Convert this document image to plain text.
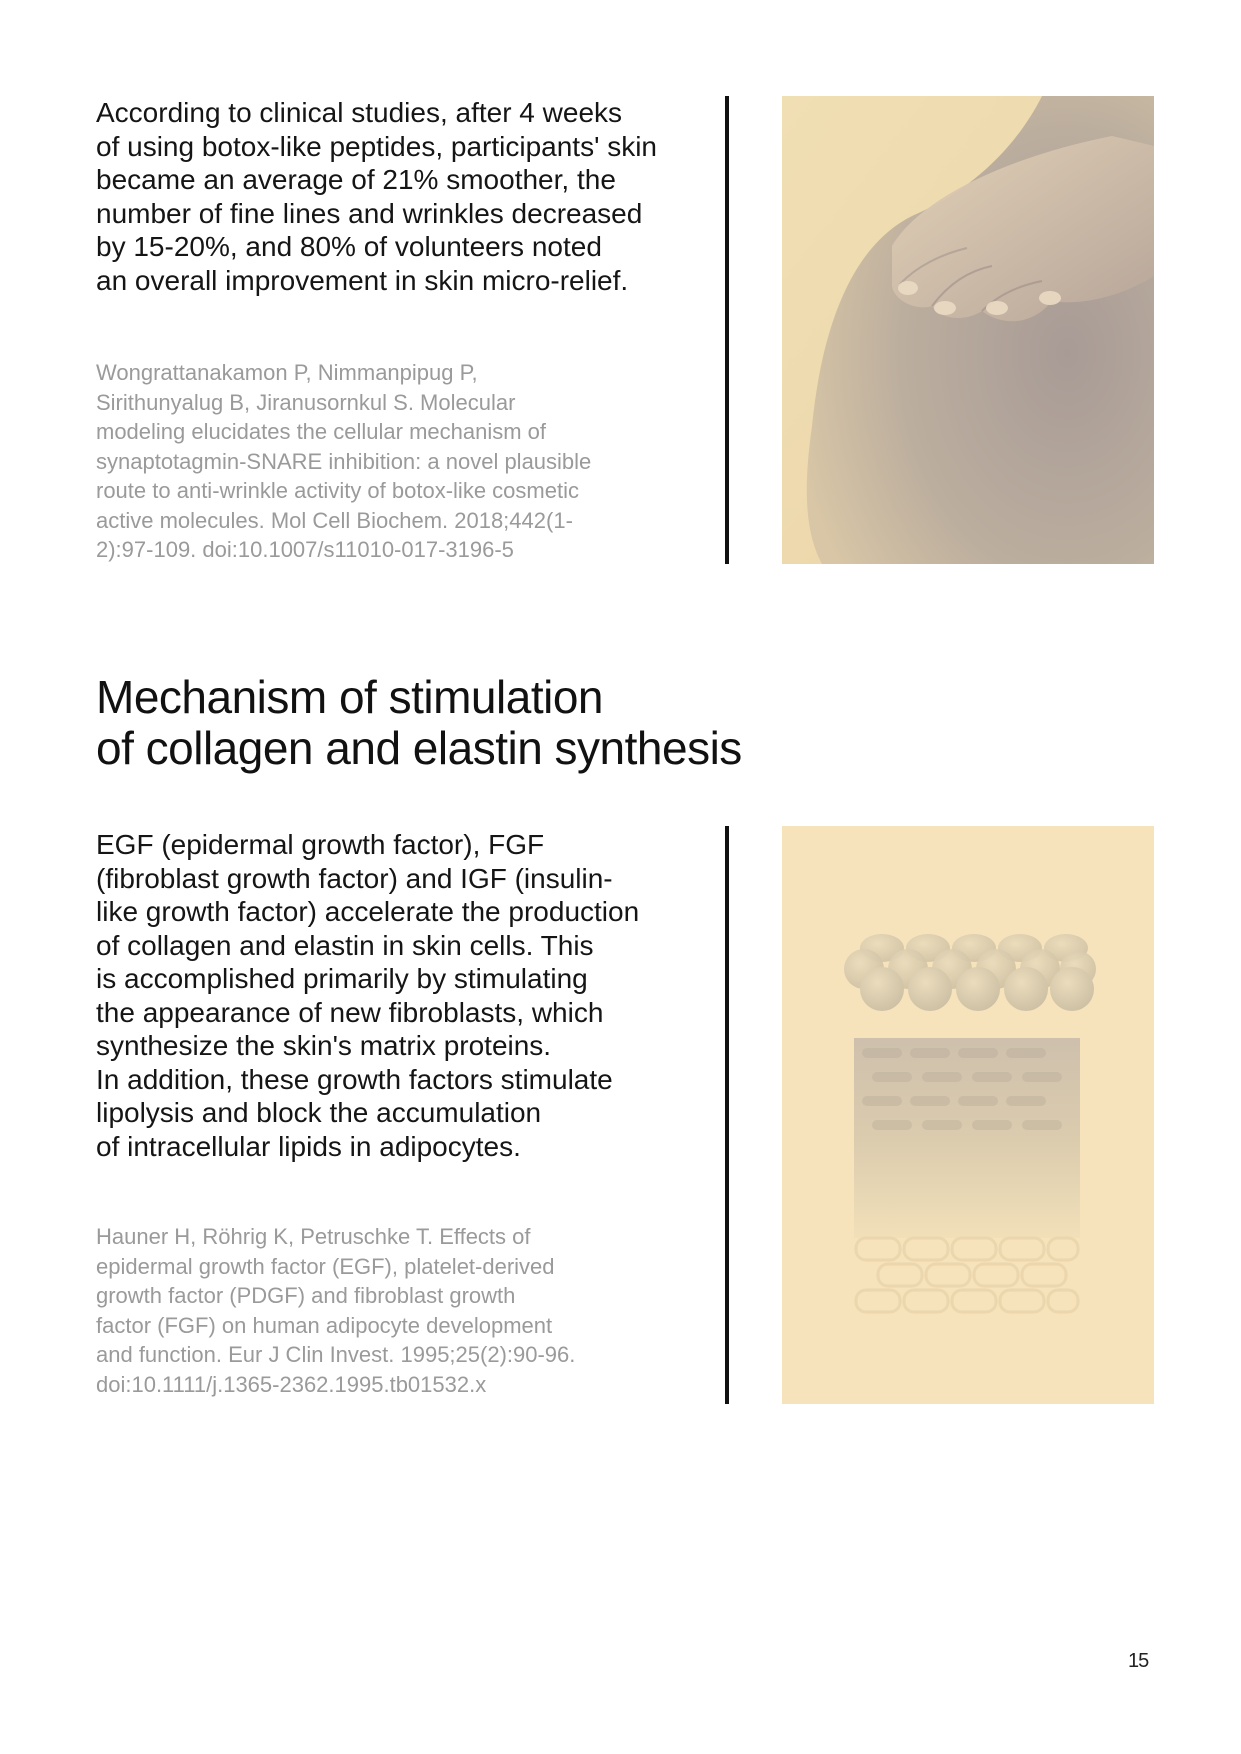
According to clinical studies, after 4 weeks
of using botox-like peptides, participants' skin
became an average of 21% smoother, the
number of fine lines and wrinkles decreased
by 15-20%, and 80% of volunteers noted
an overall improvement in skin micro-relief.

Wongrattanakamon P, Nimmanpipug P,
Sirithunyalug B, Jiranusornkul S. Molecular
modeling elucidates the cellular mechanism of
synaptotagmin-SNARE inhibition: a novel plausible
route to anti-wrinkle activity of botox-like cosmetic
active molecules. Mol Cell Biochem. 2018;442(1-
2):97-109. doi:10.1007/s11010-017-3196-5

Mechanism of stimulation
of collagen and elastin synthesis

EGF (epidermal growth factor), FGF
(fibroblast growth factor) and IGF (insulin-
like growth factor) accelerate the production
of collagen and elastin in skin cells. This
is accomplished primarily by stimulating
the appearance of new fibroblasts, which
synthesize the skin's matrix proteins.
In addition, these growth factors stimulate
lipolysis and block the accumulation
of intracellular lipids in adipocytes.

Hauner H, Röhrig K, Petruschke T. Effects of
epidermal growth factor (EGF), platelet-derived
growth factor (PDGF) and fibroblast growth
factor (FGF) on human adipocyte development
and function. Eur J Clin Invest. 1995;25(2):90-96.
doi:10.1111/j.1365-2362.1995.tb01532.x

15
